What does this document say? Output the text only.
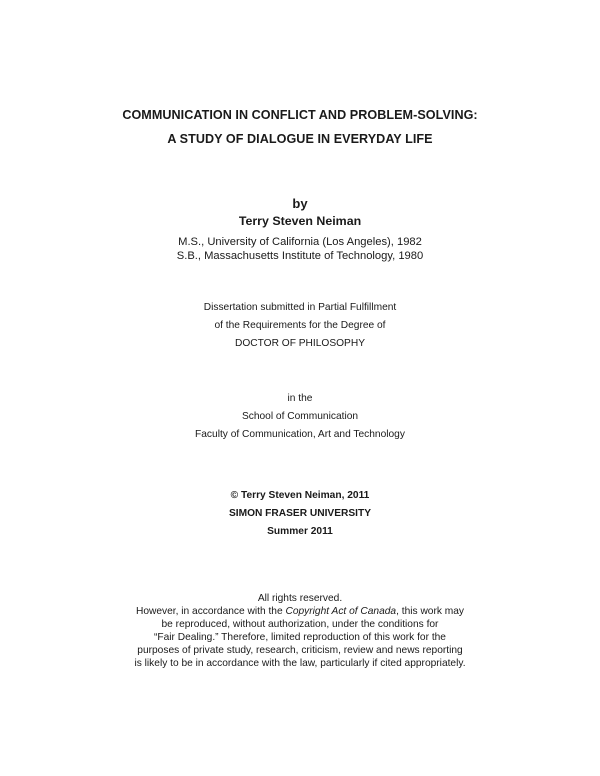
COMMUNICATION IN CONFLICT AND PROBLEM-SOLVING:
A STUDY OF DIALOGUE IN EVERYDAY LIFE
by
Terry Steven Neiman
M.S., University of California (Los Angeles), 1982
S.B., Massachusetts Institute of Technology, 1980
Dissertation submitted in Partial Fulfillment
of the Requirements for the Degree of
DOCTOR OF PHILOSOPHY
in the
School of Communication
Faculty of Communication, Art and Technology
© Terry Steven Neiman, 2011
SIMON FRASER UNIVERSITY
Summer 2011
All rights reserved.
However, in accordance with the Copyright Act of Canada, this work may
be reproduced, without authorization, under the conditions for
“Fair Dealing.” Therefore, limited reproduction of this work for the
purposes of private study, research, criticism, review and news reporting
is likely to be in accordance with the law, particularly if cited appropriately.
